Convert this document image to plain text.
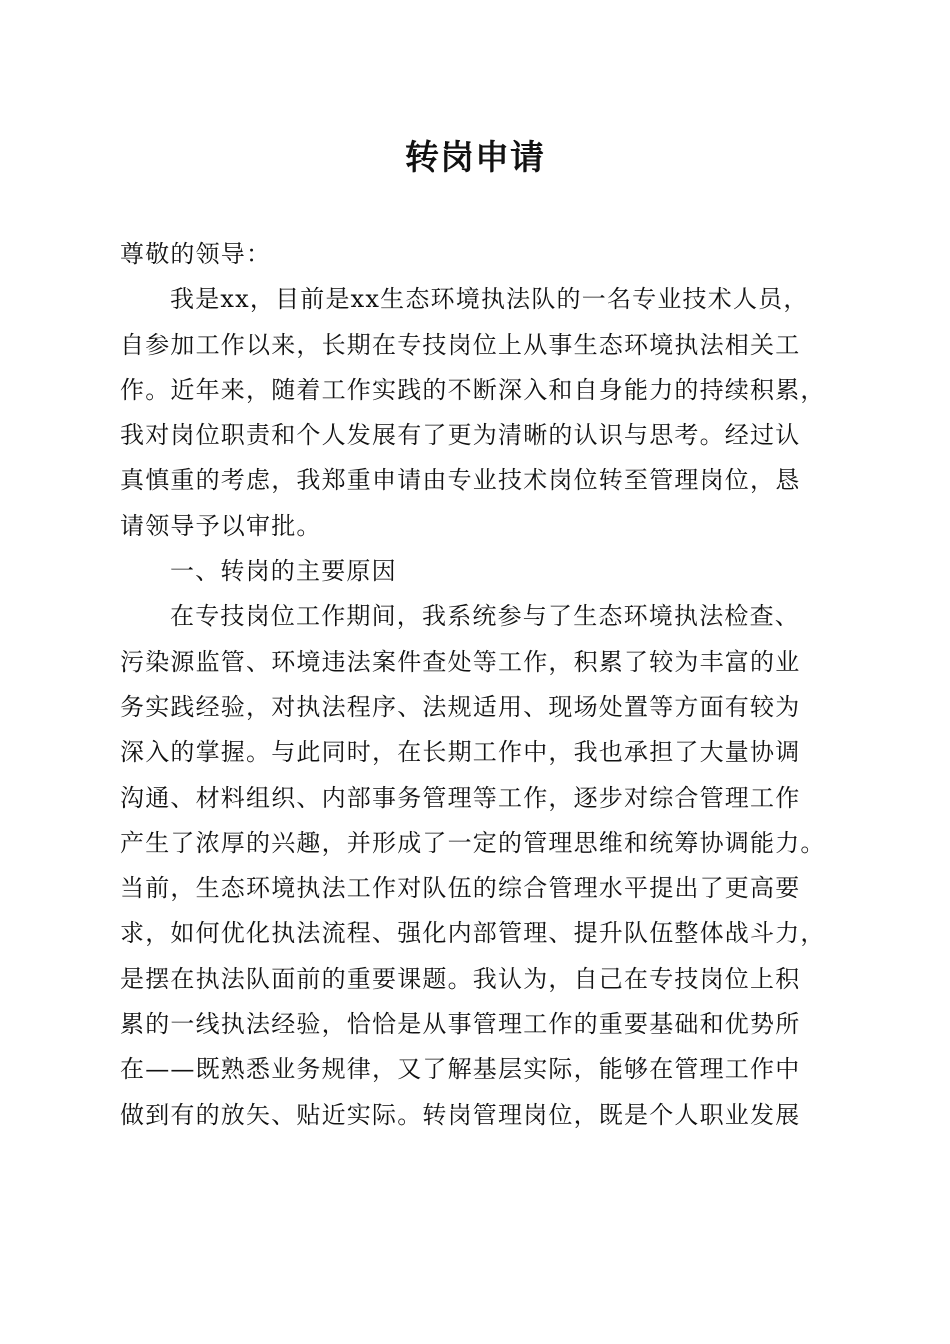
转岗申请
尊敬的领导：
我是xx，目前是xx生态环境执法队的一名专业技术人员，
自参加工作以来，长期在专技岗位上从事生态环境执法相关工
作。近年来，随着工作实践的不断深入和自身能力的持续积累，
我对岗位职责和个人发展有了更为清晰的认识与思考。经过认
真慎重的考虑，我郑重申请由专业技术岗位转至管理岗位，恳
请领导予以审批。
一、转岗的主要原因
在专技岗位工作期间，我系统参与了生态环境执法检查、
污染源监管、环境违法案件查处等工作，积累了较为丰富的业
务实践经验，对执法程序、法规适用、现场处置等方面有较为
深入的掌握。与此同时，在长期工作中，我也承担了大量协调
沟通、材料组织、内部事务管理等工作，逐步对综合管理工作
产生了浓厚的兴趣，并形成了一定的管理思维和统筹协调能力。
当前，生态环境执法工作对队伍的综合管理水平提出了更高要
求，如何优化执法流程、强化内部管理、提升队伍整体战斗力，
是摆在执法队面前的重要课题。我认为，自己在专技岗位上积
累的一线执法经验，恰恰是从事管理工作的重要基础和优势所
在——既熟悉业务规律，又了解基层实际，能够在管理工作中
做到有的放矢、贴近实际。转岗管理岗位，既是个人职业发展
